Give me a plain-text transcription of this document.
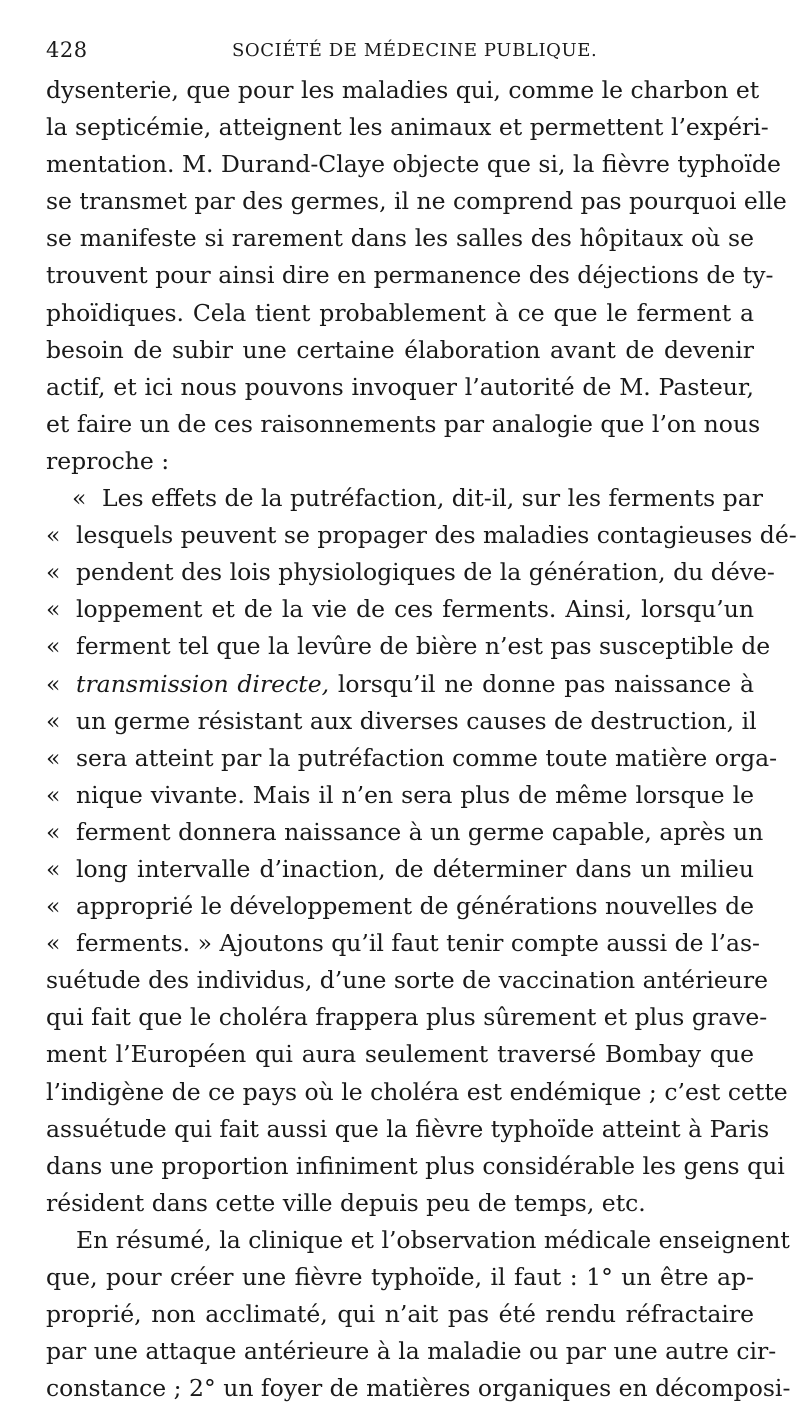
428	SOCIÉTÉ DE MÉDECINE PUBLIQUE.
dysenterie, que pour les maladies qui, comme le charbon et
la septicémie, atteignent les animaux et permettent l’expéri-
mentation. M. Durand-Claye objecte que si, la fièvre typhoïde
se transmet par des germes, il ne comprend pas pourquoi elle
se manifeste si rarement dans les salles des hôpitaux où se
trouvent pour ainsi dire en permanence des déjections de ty-
phoïdiques. Cela tient probablement à ce que le ferment a
besoin de subir une certaine élaboration avant de devenir
actif, et ici nous pouvons invoquer l’autorité de M. Pasteur,
et faire un de ces raisonnements par analogie que l’on nous
reproche :
« Les effets de la putréfaction, dit-il, sur les ferments par
« lesquels peuvent se propager des maladies contagieuses dé-
« pendent des lois physiologiques de la génération, du déve-
« loppement et de la vie de ces ferments. Ainsi, lorsqu’un
« ferment tel que la levûre de bière n’est pas susceptible de
« transmission directe, lorsqu’il ne donne pas naissance à
« un germe résistant aux diverses causes de destruction, il
« sera atteint par la putréfaction comme toute matière orga-
« nique vivante. Mais il n’en sera plus de même lorsque le
« ferment donnera naissance à un germe capable, après un
« long intervalle d’inaction, de déterminer dans un milieu
« approprié le développement de générations nouvelles de
« ferments. » Ajoutons qu’il faut tenir compte aussi de l’as-
suétude des individus, d’une sorte de vaccination antérieure
qui fait que le choléra frappera plus sûrement et plus grave-
ment l’Européen qui aura seulement traversé Bombay que
l’indigène de ce pays où le choléra est endémique ; c’est cette
assuétude qui fait aussi que la fièvre typhoïde atteint à Paris
dans une proportion infiniment plus considérable les gens qui
résident dans cette ville depuis peu de temps, etc.
En résumé, la clinique et l’observation médicale enseignent
que, pour créer une fièvre typhoïde, il faut : 1° un être ap-
proprié, non acclimaté, qui n’ait pas été rendu réfractaire
par une attaque antérieure à la maladie ou par une autre cir-
constance ; 2° un foyer de matières organiques en décomposi-
